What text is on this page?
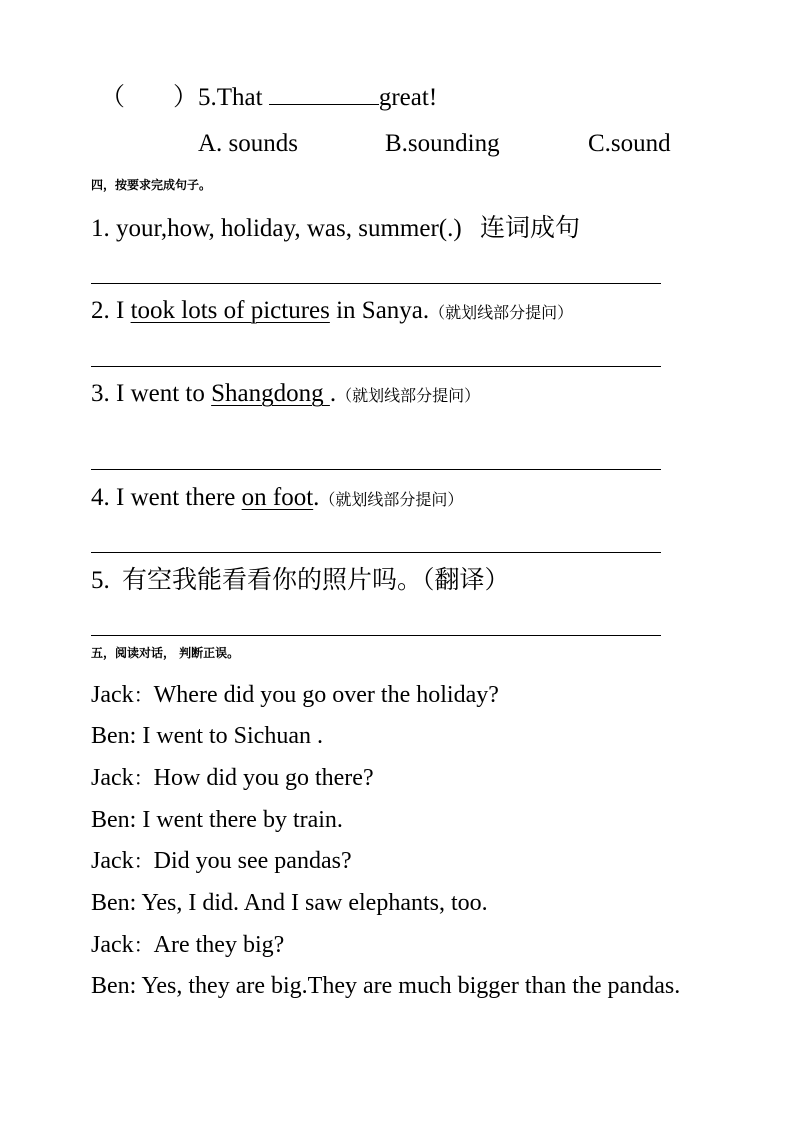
（ ）5.That	great!
A. sounds	B.sounding	C.sound
四，按要求完成句子。
1. your,how, holiday, was, summer(.) 连词成句
2. I took lots of pictures in Sanya.（就划线部分提问）
3. I went to Shangdong .（就划线部分提问）
4. I went there on foot.（就划线部分提问）
5. 有空我能看看你的照片吗。（翻译）
五，阅读对话， 判断正误。
Jack：Where did you go over the holiday?
Ben: I went to Sichuan .
Jack：How did you go there?
Ben: I went there by train.
Jack：Did you see pandas?
Ben: Yes, I did. And I saw elephants, too.
Jack：Are they big?
Ben: Yes, they are big.They are much bigger than the pandas.
